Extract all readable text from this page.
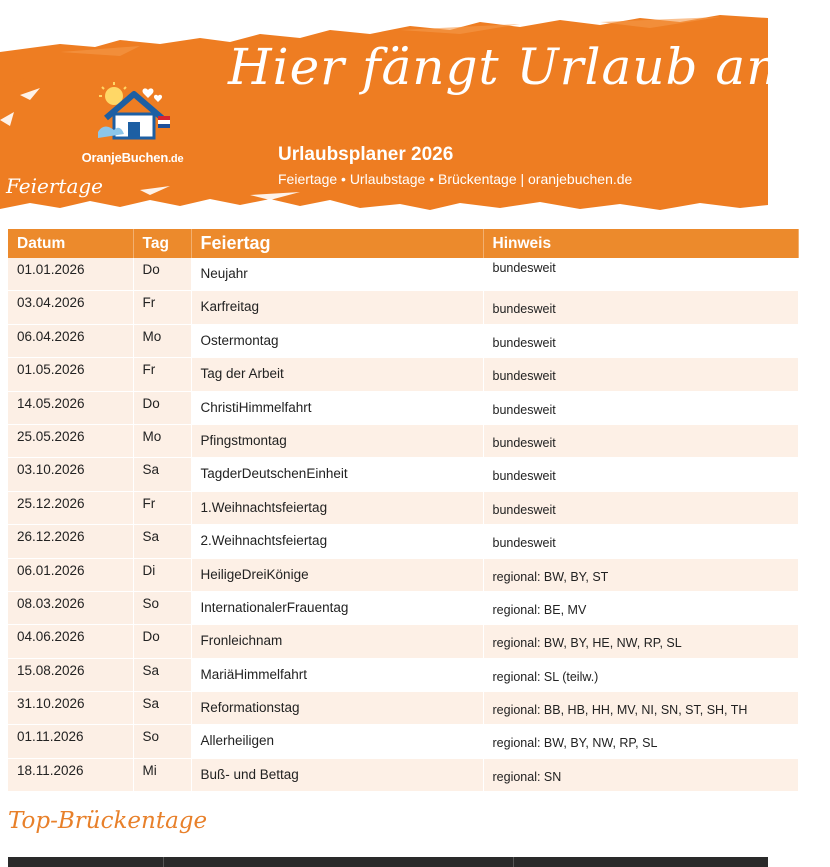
OranjeBuchen.de
Hier fängt Urlaub an...
Urlaubsplaner 2026
Feiertage • Urlaubstage • Brückentage | oranjebuchen.de
Feiertage
Datum	Tag	Feiertag	Hinweis

01.01.2026	Do	Neujahr	bundesweit

03.04.2026	Fr	Karfreitag	bundesweit

06.04.2026	Mo	Ostermontag	bundesweit

01.05.2026	Fr	Tag der Arbeit	bundesweit

14.05.2026	Do	ChristiHimmelfahrt	bundesweit

25.05.2026	Mo	Pfingstmontag	bundesweit

03.10.2026	Sa	TagderDeutschenEinheit	bundesweit

25.12.2026	Fr	1.Weihnachtsfeiertag	bundesweit

26.12.2026	Sa	2.Weihnachtsfeiertag	bundesweit

06.01.2026	Di	HeiligeDreiKönige	regional: BW, BY, ST

08.03.2026	So	InternationalerFrauentag	regional: BE, MV

04.06.2026	Do	Fronleichnam	regional: BW, BY, HE, NW, RP, SL

15.08.2026	Sa	MariäHimmelfahrt	regional: SL (teilw.)

31.10.2026	Sa	Reformationstag	regional: BB, HB, HH, MV, NI, SN, ST, SH, TH

01.11.2026	So	Allerheiligen	regional: BW, BY, NW, RP, SL

18.11.2026	Mi	Buß- und Bettag	regional: SN
Top-Brückentage
